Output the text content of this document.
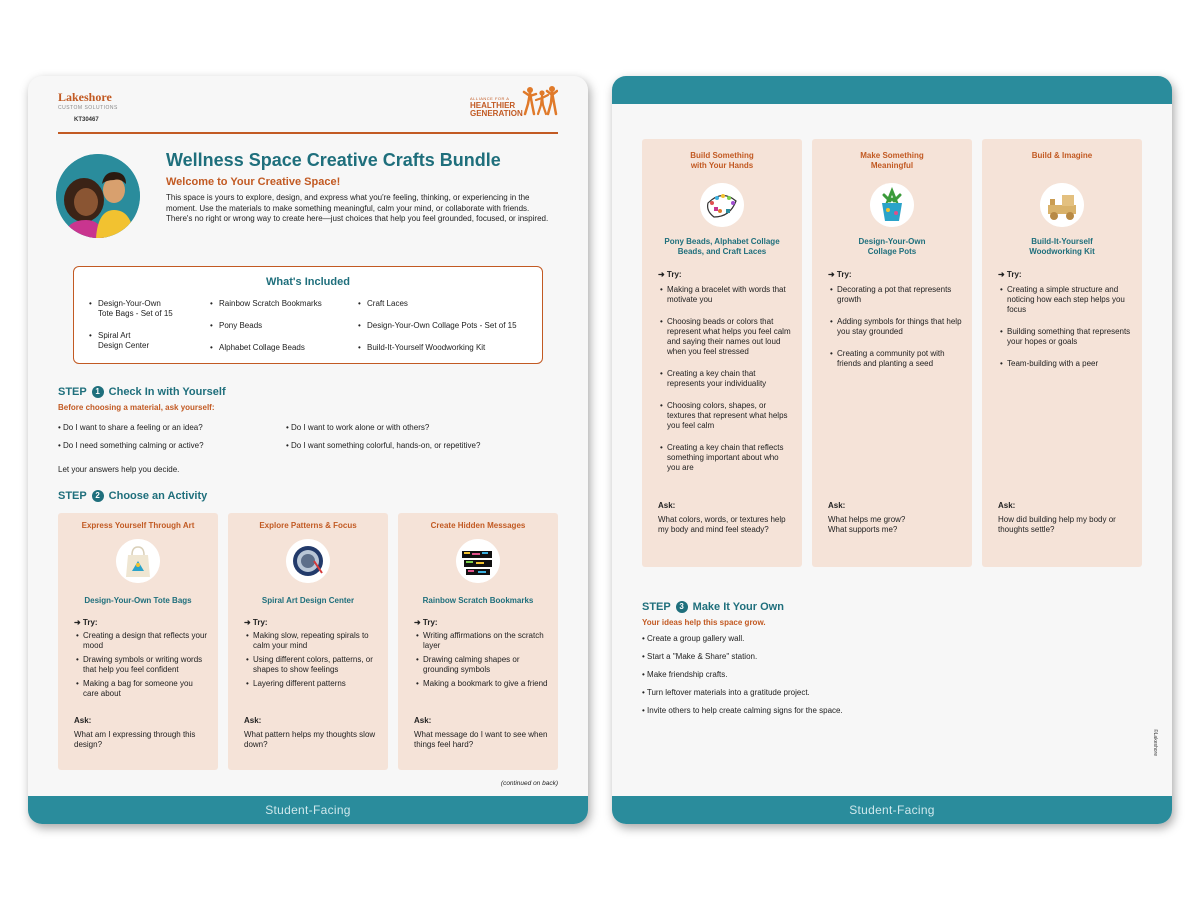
Lakeshore
CUSTOM SOLUTIONS
KT30467
ALLIANCE FOR A
HEALTHIER
GENERATION
Wellness Space Creative Crafts Bundle
Welcome to Your Creative Space!
This space is yours to explore, design, and express what you're feeling, thinking, or experiencing in the moment. Use the materials to make something meaningful, calm your mind, or collaborate with friends. There's no right or wrong way to create here—just choices that help you feel grounded, focused, or inspired.
What's Included
• Design-Your-Own
Tote Bags - Set of 15
• Spiral Art
Design Center
• Rainbow Scratch Bookmarks
• Pony Beads
• Alphabet Collage Beads
• Craft Laces
• Design-Your-Own Collage Pots - Set of 15
• Build-It-Yourself Woodworking Kit
STEP 1 Check In with Yourself
Before choosing a material, ask yourself:
• Do I want to share a feeling or an idea?
• Do I need something calming or active?
• Do I want to work alone or with others?
• Do I want something colorful, hands-on, or repetitive?
Let your answers help you decide.
STEP 2 Choose an Activity
Express Yourself Through Art
Design-Your-Own Tote Bags
➜ Try:
• Creating a design that reflects your mood
• Drawing symbols or writing words that help you feel confident
• Making a bag for someone you care about
Ask:
What am I expressing through this design?
Explore Patterns & Focus
Spiral Art Design Center
➜ Try:
• Making slow, repeating spirals to calm your mind
• Using different colors, patterns, or shapes to show feelings
• Layering different patterns
Ask:
What pattern helps my thoughts slow down?
Create Hidden Messages
Rainbow Scratch Bookmarks
➜ Try:
• Writing affirmations on the scratch layer
• Drawing calming shapes or grounding symbols
• Making a bookmark to give a friend
Ask:
What message do I want to see when things feel hard?
(continued on back)
Student-Facing
Build Something
with Your Hands
Pony Beads, Alphabet Collage
Beads, and Craft Laces
➜ Try:
• Making a bracelet with words that motivate you
• Choosing beads or colors that represent what helps you feel calm and saying their names out loud when you feel stressed
• Creating a key chain that represents your individuality
• Choosing colors, shapes, or textures that represent what helps you feel calm
• Creating a key chain that reflects something important about who you are
Ask:
What colors, words, or textures help my body and mind feel steady?
Make Something
Meaningful
Design-Your-Own
Collage Pots
➜ Try:
• Decorating a pot that represents growth
• Adding symbols for things that help you stay grounded
• Creating a community pot with friends and planting a seed
Ask:
What helps me grow?
What supports me?
Build & Imagine
Build-It-Yourself
Woodworking Kit
➜ Try:
• Creating a simple structure and noticing how each step helps you focus
• Building something that represents your hopes or goals
• Team-building with a peer
Ask:
How did building help my body or thoughts settle?
STEP 3 Make It Your Own
Your ideas help this space grow.
• Create a group gallery wall.
• Start a "Make & Share" station.
• Make friendship crafts.
• Turn leftover materials into a gratitude project.
• Invite others to help create calming signs for the space.
©Lakeshore
Student-Facing
